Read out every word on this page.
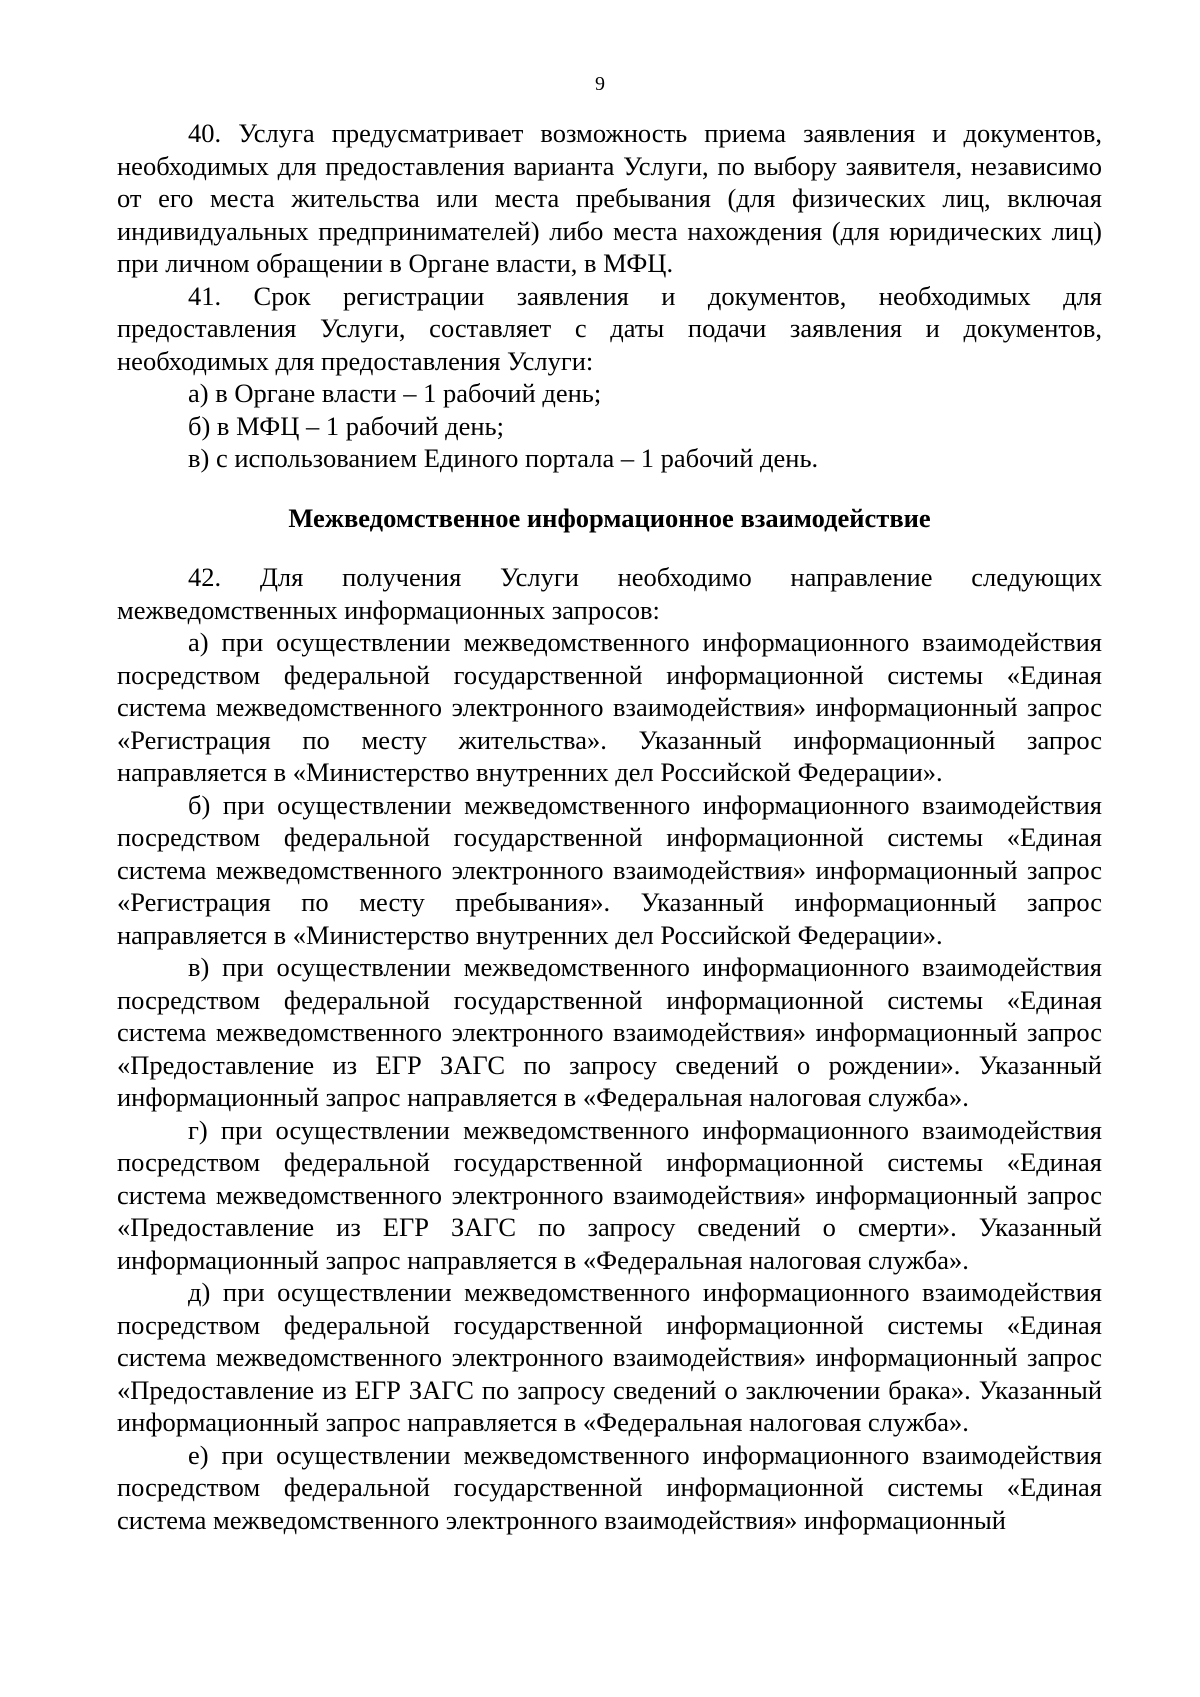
9

40. Услуга предусматривает возможность приема заявления и документов, необходимых для предоставления варианта Услуги, по выбору заявителя, независимо от его места жительства или места пребывания (для физических лиц, включая индивидуальных предпринимателей) либо места нахождения (для юридических лиц) при личном обращении в Органе власти, в МФЦ.

41. Срок регистрации заявления и документов, необходимых для предоставления Услуги, составляет с даты подачи заявления и документов, необходимых для предоставления Услуги:

а) в Органе власти – 1 рабочий день;

б) в МФЦ – 1 рабочий день;

в) с использованием Единого портала – 1 рабочий день.

Межведомственное информационное взаимодействие

42. Для получения Услуги необходимо направление следующих межведомственных информационных запросов:

а) при осуществлении межведомственного информационного взаимодействия посредством федеральной государственной информационной системы «Единая система межведомственного электронного взаимодействия» информационный запрос «Регистрация по месту жительства». Указанный информационный запрос направляется в «Министерство внутренних дел Российской Федерации».

б) при осуществлении межведомственного информационного взаимодействия посредством федеральной государственной информационной системы «Единая система межведомственного электронного взаимодействия» информационный запрос «Регистрация по месту пребывания». Указанный информационный запрос направляется в «Министерство внутренних дел Российской Федерации».

в) при осуществлении межведомственного информационного взаимодействия посредством федеральной государственной информационной системы «Единая система межведомственного электронного взаимодействия» информационный запрос «Предоставление из ЕГР ЗАГС по запросу сведений о рождении». Указанный информационный запрос направляется в «Федеральная налоговая служба».

г) при осуществлении межведомственного информационного взаимодействия посредством федеральной государственной информационной системы «Единая система межведомственного электронного взаимодействия» информационный запрос «Предоставление из ЕГР ЗАГС по запросу сведений о смерти». Указанный информационный запрос направляется в «Федеральная налоговая служба».

д) при осуществлении межведомственного информационного взаимодействия посредством федеральной государственной информационной системы «Единая система межведомственного электронного взаимодействия» информационный запрос «Предоставление из ЕГР ЗАГС по запросу сведений о заключении брака». Указанный информационный запрос направляется в «Федеральная налоговая служба».

е) при осуществлении межведомственного информационного взаимодействия посредством федеральной государственной информационной системы «Единая система межведомственного электронного взаимодействия» информационный
